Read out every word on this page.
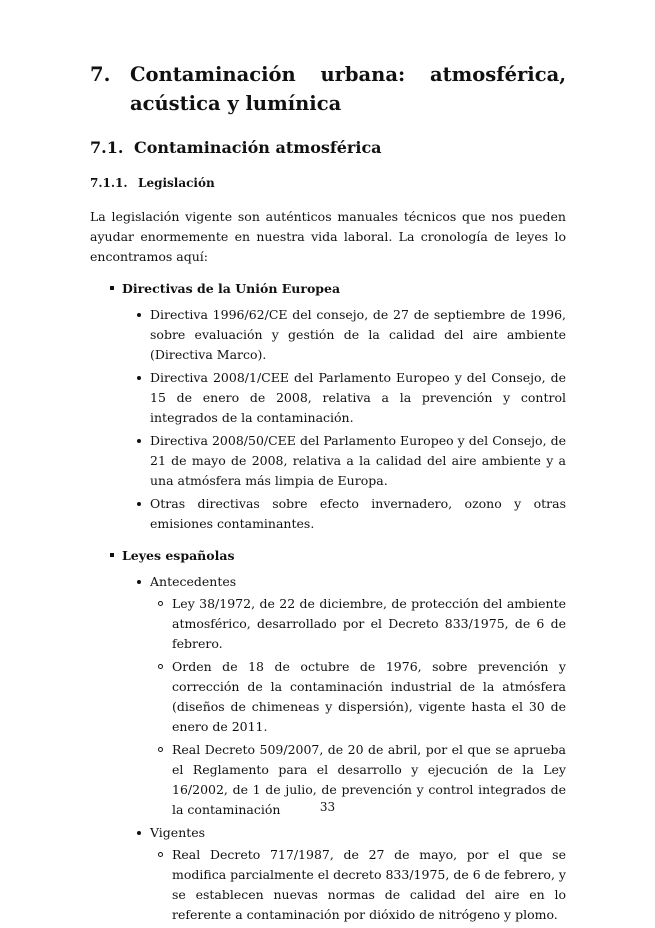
7.	Contaminación urbana: atmosférica, acústica y lumínica
7.1. Contaminación atmosférica
7.1.1. Legislación

La legislación vigente son auténticos manuales técnicos que nos pueden ayudar enormemente en nuestra vida laboral. La cronología de leyes lo encontramos aquí:

Directivas de la Unión Europea
Directiva 1996/62/CE del consejo, de 27 de septiembre de 1996, sobre evaluación y gestión de la calidad del aire ambiente (Directiva Marco).
Directiva 2008/1/CEE del Parlamento Europeo y del Consejo, de 15 de enero de 2008, relativa a la prevención y control integrados de la contaminación.
Directiva 2008/50/CEE del Parlamento Europeo y del Consejo, de 21 de mayo de 2008, relativa a la calidad del aire ambiente y a una atmósfera más limpia de Europa.
Otras directivas sobre efecto invernadero, ozono y otras emisiones contaminantes.
Leyes españolas
Antecedentes
Ley 38/1972, de 22 de diciembre, de protección del ambiente atmosférico, desarrollado por el Decreto 833/1975, de 6 de febrero.
Orden de 18 de octubre de 1976, sobre prevención y corrección de la contaminación industrial de la atmósfera (diseños de chimeneas y dispersión), vigente hasta el 30 de enero de 2011.
Real Decreto 509/2007, de 20 de abril, por el que se aprueba el Reglamento para el desarrollo y ejecución de la Ley 16/2002, de 1 de julio, de prevención y control integrados de la contaminación
Vigentes
Real Decreto 717/1987, de 27 de mayo, por el que se modifica parcialmente el decreto 833/1975, de 6 de febrero, y se establecen nuevas normas de calidad del aire en lo referente a contaminación por dióxido de nitrógeno y plomo.
33
